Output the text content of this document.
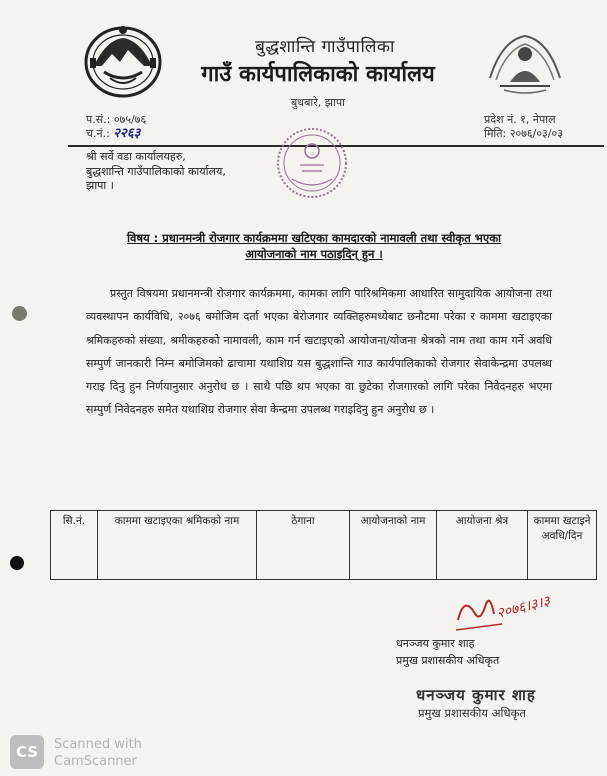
बुद्धशान्ति गाउँपालिका
गाउँ कार्यपालिकाको कार्यालय
बुधबारे, झापा
प.सं.: ०७५/७६
च.नं.: २२६३
प्रदेश नं. १, नेपाल
मिति: २०७६/०३/०३
श्री सर्वे वडा कार्यालयहरु,
बुद्धशान्ति गाउँपालिकाको कार्यालय,
झापा ।
विषय : प्रधानमन्त्री रोजगार कार्यक्रममा खटिएका कामदारको नामावली तथा स्वीकृत भएका
आयोजनाको नाम पठाइदिन् हुन ।

प्रस्तुत विषयमा प्रधानमन्त्री रोजगार कार्यक्रममा, कामका लागि पारिश्रमिकमा आधारित सामुदायिक आयोजना तथा व्यवस्थापन कार्यविधि, २०७६ बमोजिम दर्ता भएका बेरोजगार व्यक्तिहरुमध्येबाट छनौटमा परेका र काममा खटाइएका श्रमिकहरुको संख्या, श्रमीकहरुको नामावली, काम गर्न खटाइएको आयोजना/योजना श्रेत्रको नाम तथा काम गर्ने अवधि सम्पुर्ण जानकारी निम्न बमोजिमको ढाचामा यथाशिग्र यस बुद्धशान्ति गाउ कार्यपालिकाको रोजगार सेवाकेन्द्रमा उपलब्ध गराइ दिनु हुन निर्णयानुसार अनुरोध छ । साथै पछि थप भएका वा छुटेका रोजगारको लागि परेका निवेदनहरु भएमा सम्पुर्ण निवेदनहरु समेत यथाशिग्र रोजगार सेवा केन्द्रमा उपलब्ध गराइदिनु हुन अनुरोध छ ।

सि.नं.	काममा खटाइएका श्रमिकको नाम	ठेगाना	आयोजनाको नाम	आयोजना श्रेत्र	काममा खटाइने अवधि/दिन
२०७६।३।३
धनञ्जय कुमार शाह
प्रमुख प्रशासकीय अधिकृत
धनञ्जय कुमार शाह
प्रमुख प्रशासकीय अधिकृत
CS	Scanned with
CamScanner
